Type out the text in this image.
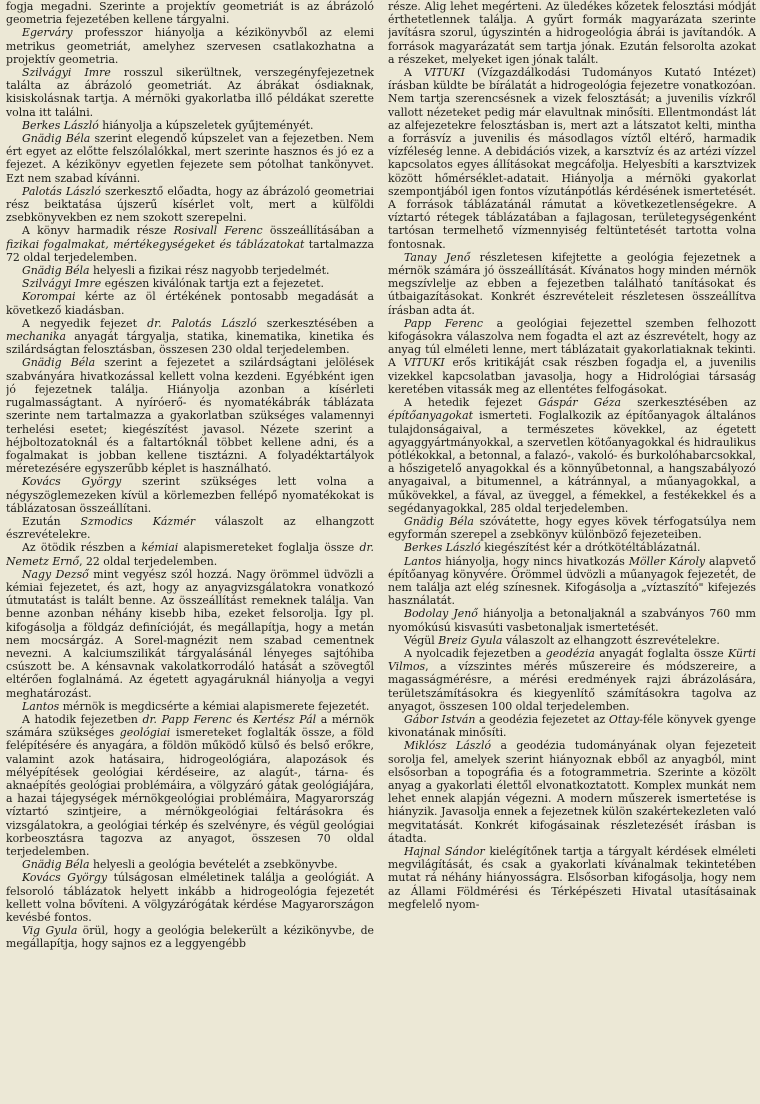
fogja megadni. Szerinte a projektív geometriát is az ábrázoló geometria fejezetében kellene tárgyalni.

Egerváry professzor hiányolja a kézikönyvből az elemi metrikus geometriát, amelyhez szervesen csatlakozhatna a projektív geometria.

Szilvágyi Imre rosszul sikerültnek, verszegényfejezetnek találta az ábrázoló geometriát. Az ábrákat ósdiaknak, kisiskolásnak tartja. A mérnöki gyakorlatba illő példákat szerette volna itt találni.

Berkes László hiányolja a kúpszeletek gyűjteményét.

Gnädig Béla szerint elegendő kúpszelet van a fejezetben. Nem ért egyet az előtte felszólalókkal, mert szerinte hasznos és jó ez a fejezet. A kézikönyv egyetlen fejezete sem pótolhat tankönyvet. Ezt nem szabad kívánni.

Palotás László szerkesztő előadta, hogy az ábrázoló geometriai rész beiktatása újszerű kísérlet volt, mert a külföldi zsebkönyvekben ez nem szokott szerepelni.

A könyv harmadik része Rosivall Ferenc összeállításában a fizikai fogalmakat, mértékegységeket és táblázatokat tartalmazza 72 oldal terjedelemben.

Gnädig Béla helyesli a fizikai rész nagyobb terjedelmét.

Szilvágyi Imre egészen kiválónak tartja ezt a fejezetet.

Korompai kérte az öl értékének pontosabb megadását a következő kiadásban.

A negyedik fejezet dr. Palotás László szerkesztésében a mechanika anyagát tárgyalja, statika, kinematika, kinetika és szilárdságtan felosztásban, összesen 230 oldal terjedelemben.

Gnädig Béla szerint a fejezetet a szilárdságtani jelölések szabványára hivatkozással kellett volna kezdeni. Egyébként igen jó fejezetnek találja. Hiányolja azonban a kísérleti rugalmasságtant. A nyíróerő- és nyomatékábrák táblázata szerinte nem tartalmazza a gyakorlatban szükséges valamennyi terhelési esetet; kiegészítést javasol. Nézete szerint a héjboltozatoknál és a faltartóknál többet kellene adni, és a fogalmakat is jobban kellene tisztázni. A folyadéktartályok méretezésére egyszerűbb képlet is használható.

Kovács György szerint szükséges lett volna a négyszöglemezeken kívül a körlemezben fellépő nyomatékokat is táblázatosan összeállítani.

Ezután Szmodics Kázmér válaszolt az elhangzott észrevételekre.

Az ötödik részben a kémiai alapismereteket foglalja össze dr. Nemetz Ernő, 22 oldal terjedelemben.

Nagy Dezső mint vegyész szól hozzá. Nagy örömmel üdvözli a kémiai fejezetet, és azt, hogy az anyagvizsgálatokra vonatkozó útmutatást is talált benne. Az összeállítást remeknek találja. Van benne azonban néhány kisebb hiba, ezeket felsorolja. Így pl. kifogásolja a földgáz definícióját, és megállapítja, hogy a metán nem mocsárgáz. A Sorel-magnézit nem szabad cementnek nevezni. A kalciumszilikát tárgyalásánál lényeges sajtóhiba csúszott be. A kénsavnak vakolatkorrodáló hatását a szövegtől eltérően foglalnámá. Az égetett agyagáruknál hiányolja a vegyi meghatározást.

Lantos mérnök is megdicsérte a kémiai alapismerete fejezetét.

A hatodik fejezetben dr. Papp Ferenc és Kertész Pál a mérnök számára szükséges geológiai ismereteket foglalták össze, a föld felépítésére és anyagára, a földön működő külső és belső erőkre, valamint azok hatásaira, hidrogeológiára, alapozások és mélyépítések geológiai kérdéseire, az alagút-, tárna- és aknaépítés geológiai problémáira, a völgyzáró gátak geológiájára, a hazai tájegységek mérnökgeológiai problémáira, Magyarország víztartó szintjeire, a mérnökgeológiai feltárásokra és vizsgálatokra, a geológiai térkép és szelvényre, és végül geológiai korbeosztásra tagozva az anyagot, összesen 70 oldal terjedelemben.

Gnädig Béla helyesli a geológia bevételét a zsebkönyvbe.

Kovács György túlságosan elméletinek találja a geológiát. A felsoroló táblázatok helyett inkább a hidrogeológia fejezetét kellett volna bővíteni. A völgyzárógátak kérdése Magyarországon kevésbé fontos.

Vig Gyula örül, hogy a geológia belekerült a kézikönyvbe, de megállapítja, hogy sajnos ez a leggyengébb

része. Alig lehet megérteni. Az üledékes kőzetek felosztási módját érthetetlennek találja. A gyűrt formák magyarázata szerinte javításra szorul, úgyszintén a hidrogeológia ábrái is javítandók. A források magyarázatát sem tartja jónak. Ezután felsorolta azokat a részeket, melyeket igen jónak talált.

A VITUKI (Vízgazdálkodási Tudományos Kutató Intézet) írásban küldte be bírálatát a hidrogeológia fejezetre vonatkozóan. Nem tartja szerencsésnek a vizek felosztását; a juvenilis vízkről vallott nézeteket pedig már elavultnak minősíti. Ellentmondást lát az alfejezetekre felosztásban is, mert azt a látszatot kelti, mintha a forrásvíz a juvenilis és másodlagos víztől eltérő, harmadik vízféleség lenne. A debidációs vizek, a karsztvíz és az artézi vízzel kapcsolatos egyes állításokat megcáfolja. Helyesbíti a karsztvizek között hőmérséklet-adatait. Hiányolja a mérnöki gyakorlat szempontjából igen fontos vízutánpótlás kérdésének ismertetését. A források táblázatánál rámutat a következetlenségekre. A víztartó rétegek táblázatában a fajlagosan, területegységenként tartósan termelhető vízmennyiség feltüntetését tartotta volna fontosnak.

Tanay Jenő részletesen kifejtette a geológia fejezetnek a mérnök számára jó összeállítását. Kívánatos hogy minden mérnök megszívlelje az ebben a fejezetben található tanításokat és útbaigazításokat. Konkrét észrevételeit részletesen összeállítva írásban adta át.

Papp Ferenc a geológiai fejezettel szemben felhozott kifogásokra válaszolva nem fogadta el azt az észrevételt, hogy az anyag túl elméleti lenne, mert táblázatait gyakorlatiaknak tekinti. A VITUKI erős kritikáját csak részben fogadja el, a juvenilis vizekkel kapcsolatban javasolja, hogy a Hidrológiai társaság keretében vitassák meg az ellentétes felfogásokat.

A hetedik fejezet Gáspár Géza szerkesztésében az építőanyagokat ismerteti. Foglalkozik az építőanyagok általános tulajdonságaival, a természetes kövekkel, az égetett agyaggyártmányokkal, a szervetlen kötőanyagokkal és hidraulikus pótlékokkal, a betonnal, a falazó-, vakoló- és burkolóhabarcsokkal, a hőszigetelő anyagokkal és a könnyűbetonnal, a hangszabályozó anyagaival, a bitumennel, a kátránnyal, a műanyagokkal, a műkövekkel, a fával, az üveggel, a fémekkel, a festékekkel és a segédanyagokkal, 285 oldal terjedelemben.

Gnädig Béla szóvátette, hogy egyes kövek térfogatsúlya nem egyformán szerepel a zsebkönyv különböző fejezeteiben.

Berkes László kiegészítést kér a drótkötéltáblázatnál.

Lantos hiányolja, hogy nincs hivatkozás Möller Károly alapvető építőanyag könyvére. Örömmel üdvözli a műanyagok fejezetét, de nem találja azt elég színesnek. Kifogásolja a „víztaszító" kifejezés használatát.

Bodolay Jenő hiányolja a betonaljaknál a szabványos 760 mm nyomókúsú kisvasúti vasbetonaljak ismertetését.

Végül Breiz Gyula válaszolt az elhangzott észrevételekre.

A nyolcadik fejezetben a geodézia anyagát foglalta össze Kürti Vilmos, a vízszintes mérés műszereire és módszereire, a magasságmérésre, a mérési eredmények rajzi ábrázolására, területszámításokra és kiegyenlítő számításokra tagolva az anyagot, összesen 100 oldal terjedelemben.

Gábor István a geodézia fejezetet az Ottay-féle könyvek gyenge kivonatának minősíti.

Miklósz László a geodézia tudományának olyan fejezeteit sorolja fel, amelyek szerint hiányoznak ebből az anyagból, mint elsősorban a topográfia és a fotogrammetria. Szerinte a közölt anyag a gyakorlati élettől elvonatkoztatott. Komplex munkát nem lehet ennek alapján végezni. A modern műszerek ismertetése is hiányzik. Javasolja ennek a fejezetnek külön szakértekezleten való megvitatását. Konkrét kifogásainak részletezését írásban is átadta.

Hajnal Sándor kielégítőnek tartja a tárgyalt kérdések elméleti megvilágítását, és csak a gyakorlati kívánalmak tekintetében mutat rá néhány hiányosságra. Elsősorban kifogásolja, hogy nem az Állami Földmérési és Térképészeti Hivatal utasításainak megfelelő nyom-
